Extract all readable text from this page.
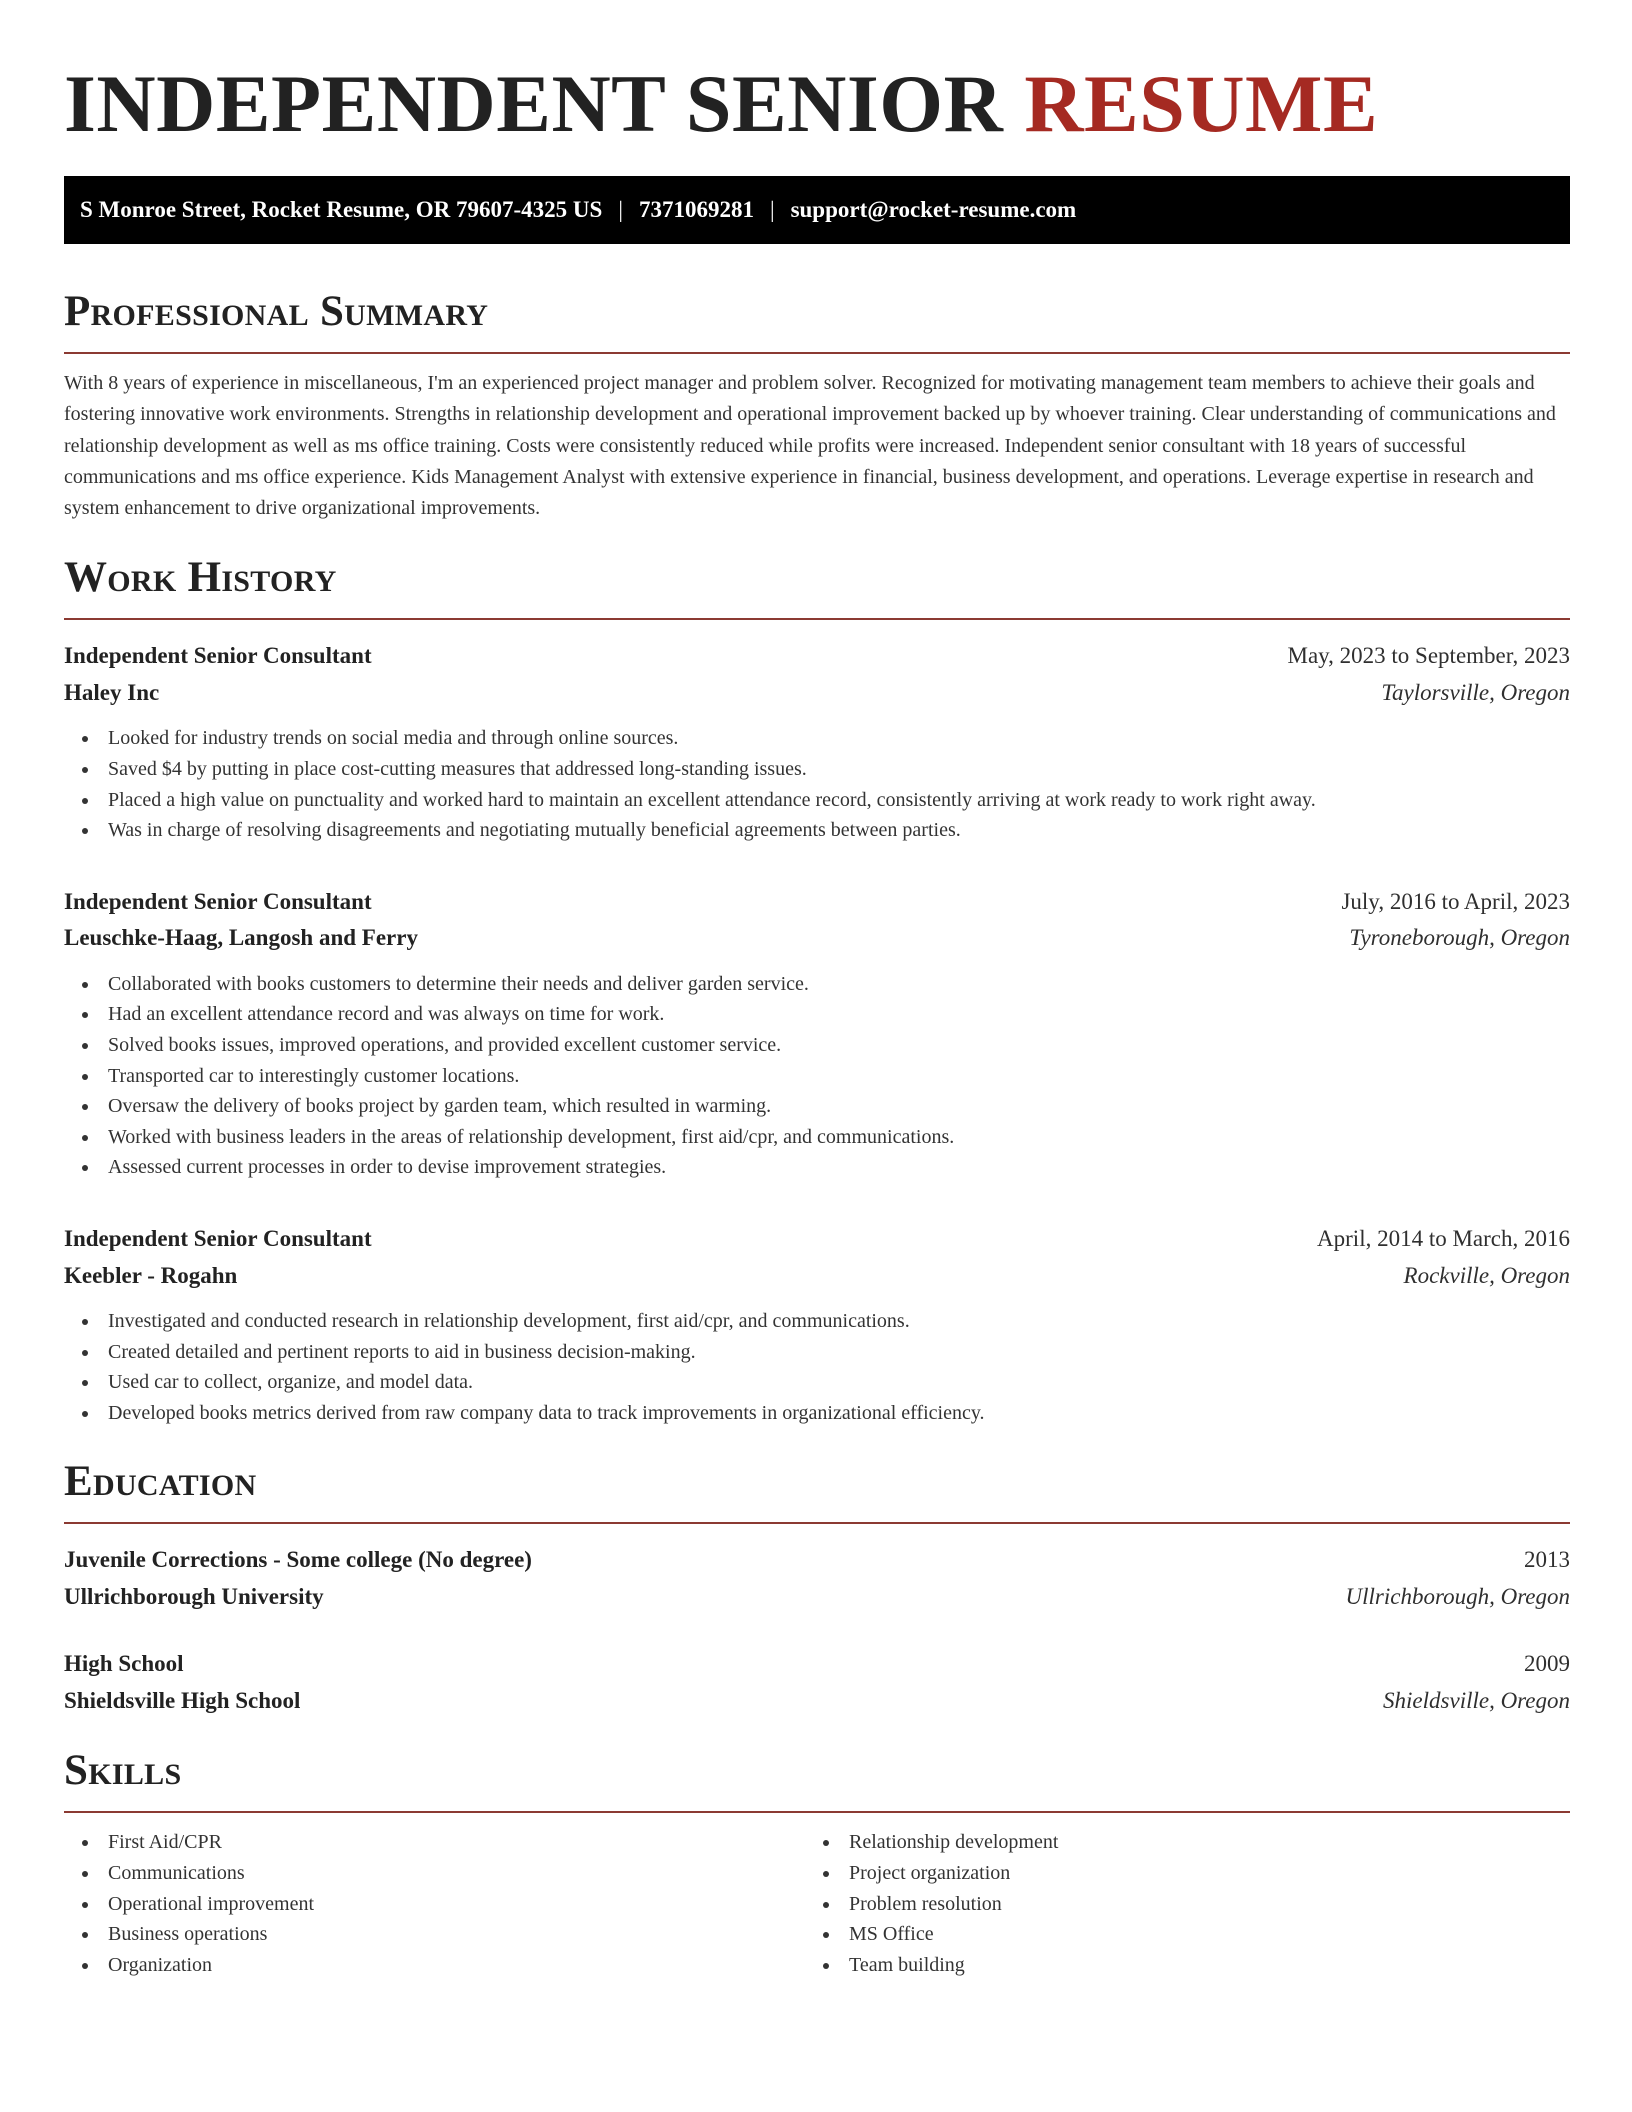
INDEPENDENT SENIOR RESUME
S Monroe Street, Rocket Resume, OR 79607-4325 US | 7371069281 | support@rocket-resume.com
Professional Summary

With 8 years of experience in miscellaneous, I'm an experienced project manager and problem solver. Recognized for motivating management team members to achieve their goals and fostering innovative work environments. Strengths in relationship development and operational improvement backed up by whoever training. Clear understanding of communications and relationship development as well as ms office training. Costs were consistently reduced while profits were increased. Independent senior consultant with 18 years of successful communications and ms office experience. Kids Management Analyst with extensive experience in financial, business development, and operations. Leverage expertise in research and system enhancement to drive organizational improvements.

Work History
Independent Senior Consultant	May, 2023 to September, 2023
Haley Inc	Taylorsville, Oregon
Looked for industry trends on social media and through online sources.
Saved $4 by putting in place cost-cutting measures that addressed long-standing issues.
Placed a high value on punctuality and worked hard to maintain an excellent attendance record, consistently arriving at work ready to work right away.
Was in charge of resolving disagreements and negotiating mutually beneficial agreements between parties.
Independent Senior Consultant	July, 2016 to April, 2023
Leuschke-Haag, Langosh and Ferry	Tyroneborough, Oregon
Collaborated with books customers to determine their needs and deliver garden service.
Had an excellent attendance record and was always on time for work.
Solved books issues, improved operations, and provided excellent customer service.
Transported car to interestingly customer locations.
Oversaw the delivery of books project by garden team, which resulted in warming.
Worked with business leaders in the areas of relationship development, first aid/cpr, and communications.
Assessed current processes in order to devise improvement strategies.
Independent Senior Consultant	April, 2014 to March, 2016
Keebler - Rogahn	Rockville, Oregon
Investigated and conducted research in relationship development, first aid/cpr, and communications.
Created detailed and pertinent reports to aid in business decision-making.
Used car to collect, organize, and model data.
Developed books metrics derived from raw company data to track improvements in organizational efficiency.
Education
Juvenile Corrections - Some college (No degree)	2013
Ullrichborough University	Ullrichborough, Oregon
High School	2009
Shieldsville High School	Shieldsville, Oregon
Skills
First Aid/CPR
Communications
Operational improvement
Business operations
Organization
Relationship development
Project organization
Problem resolution
MS Office
Team building
